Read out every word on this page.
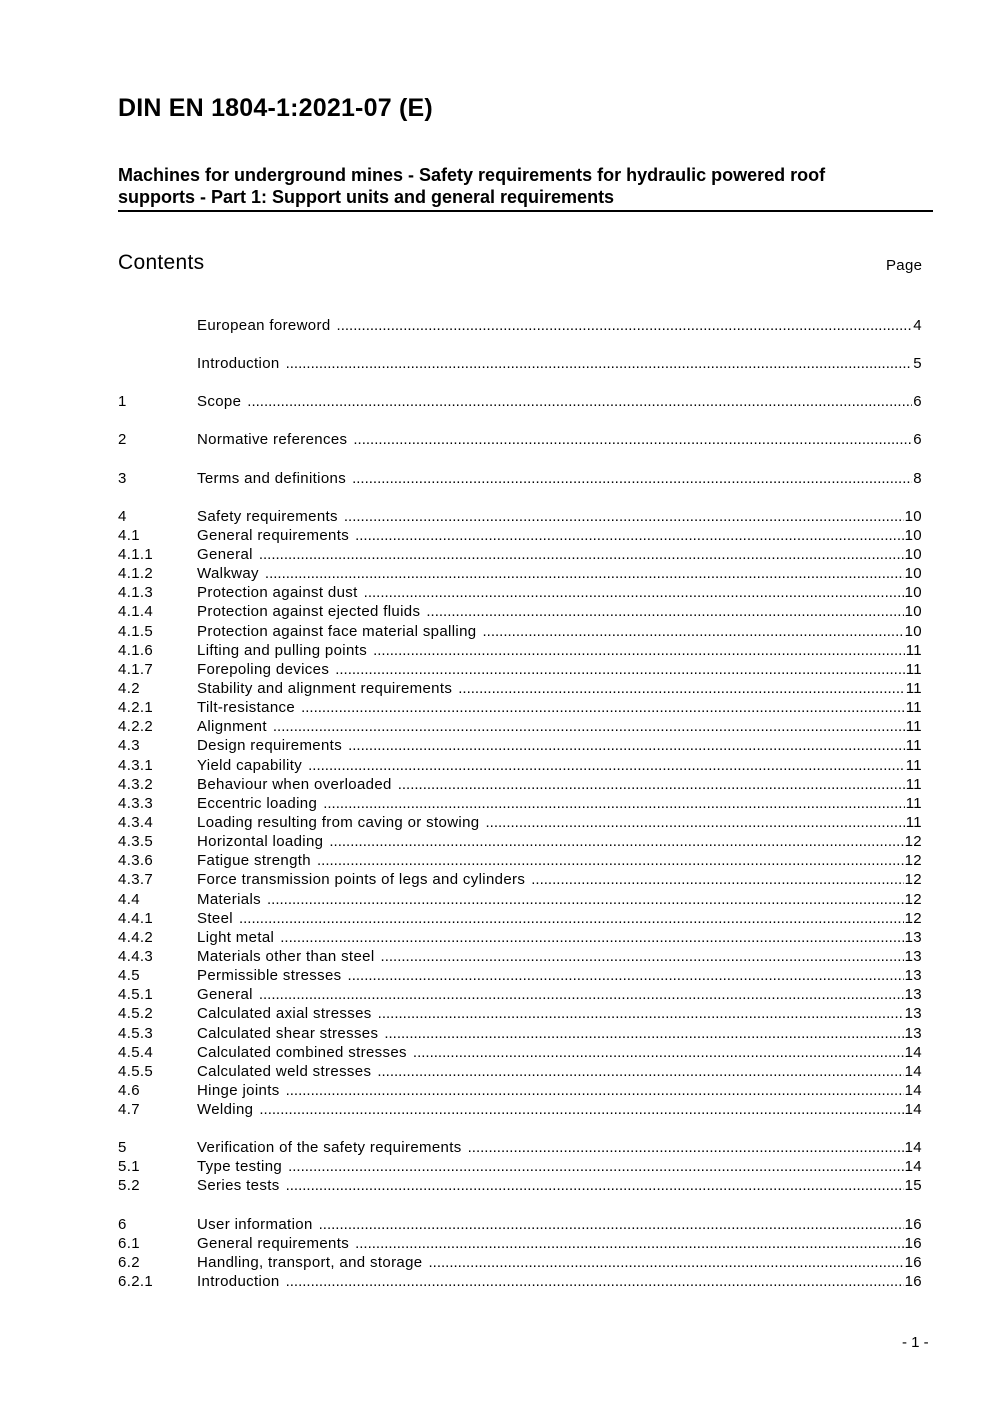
DIN EN 1804-1:2021-07 (E)
Machines for underground mines - Safety requirements for hydraulic powered roof
supports - Part 1: Support units and general requirements
Contents	Page
European foreword .....	4
Introduction .....	5
1	Scope .....	6
2	Normative references .....	6
3	Terms and definitions .....	8
4	Safety requirements .....	10
4.1	General requirements .....	10
4.1.1	General .....	10
4.1.2	Walkway .....	10
4.1.3	Protection against dust .....	10
4.1.4	Protection against ejected fluids .....	10
4.1.5	Protection against face material spalling .....	10
4.1.6	Lifting and pulling points .....	11
4.1.7	Forepoling devices .....	11
4.2	Stability and alignment requirements .....	11
4.2.1	Tilt-resistance .....	11
4.2.2	Alignment .....	11
4.3	Design requirements .....	11
4.3.1	Yield capability .....	11
4.3.2	Behaviour when overloaded .....	11
4.3.3	Eccentric loading .....	11
4.3.4	Loading resulting from caving or stowing .....	11
4.3.5	Horizontal loading .....	12
4.3.6	Fatigue strength .....	12
4.3.7	Force transmission points of legs and cylinders .....	12
4.4	Materials .....	12
4.4.1	Steel .....	12
4.4.2	Light metal .....	13
4.4.3	Materials other than steel .....	13
4.5	Permissible stresses .....	13
4.5.1	General .....	13
4.5.2	Calculated axial stresses .....	13
4.5.3	Calculated shear stresses .....	13
4.5.4	Calculated combined stresses .....	14
4.5.5	Calculated weld stresses .....	14
4.6	Hinge joints .....	14
4.7	Welding .....	14
5	Verification of the safety requirements .....	14
5.1	Type testing .....	14
5.2	Series tests .....	15
6	User information .....	16
6.1	General requirements .....	16
6.2	Handling, transport, and storage .....	16
6.2.1	Introduction .....	16
- 1 -
